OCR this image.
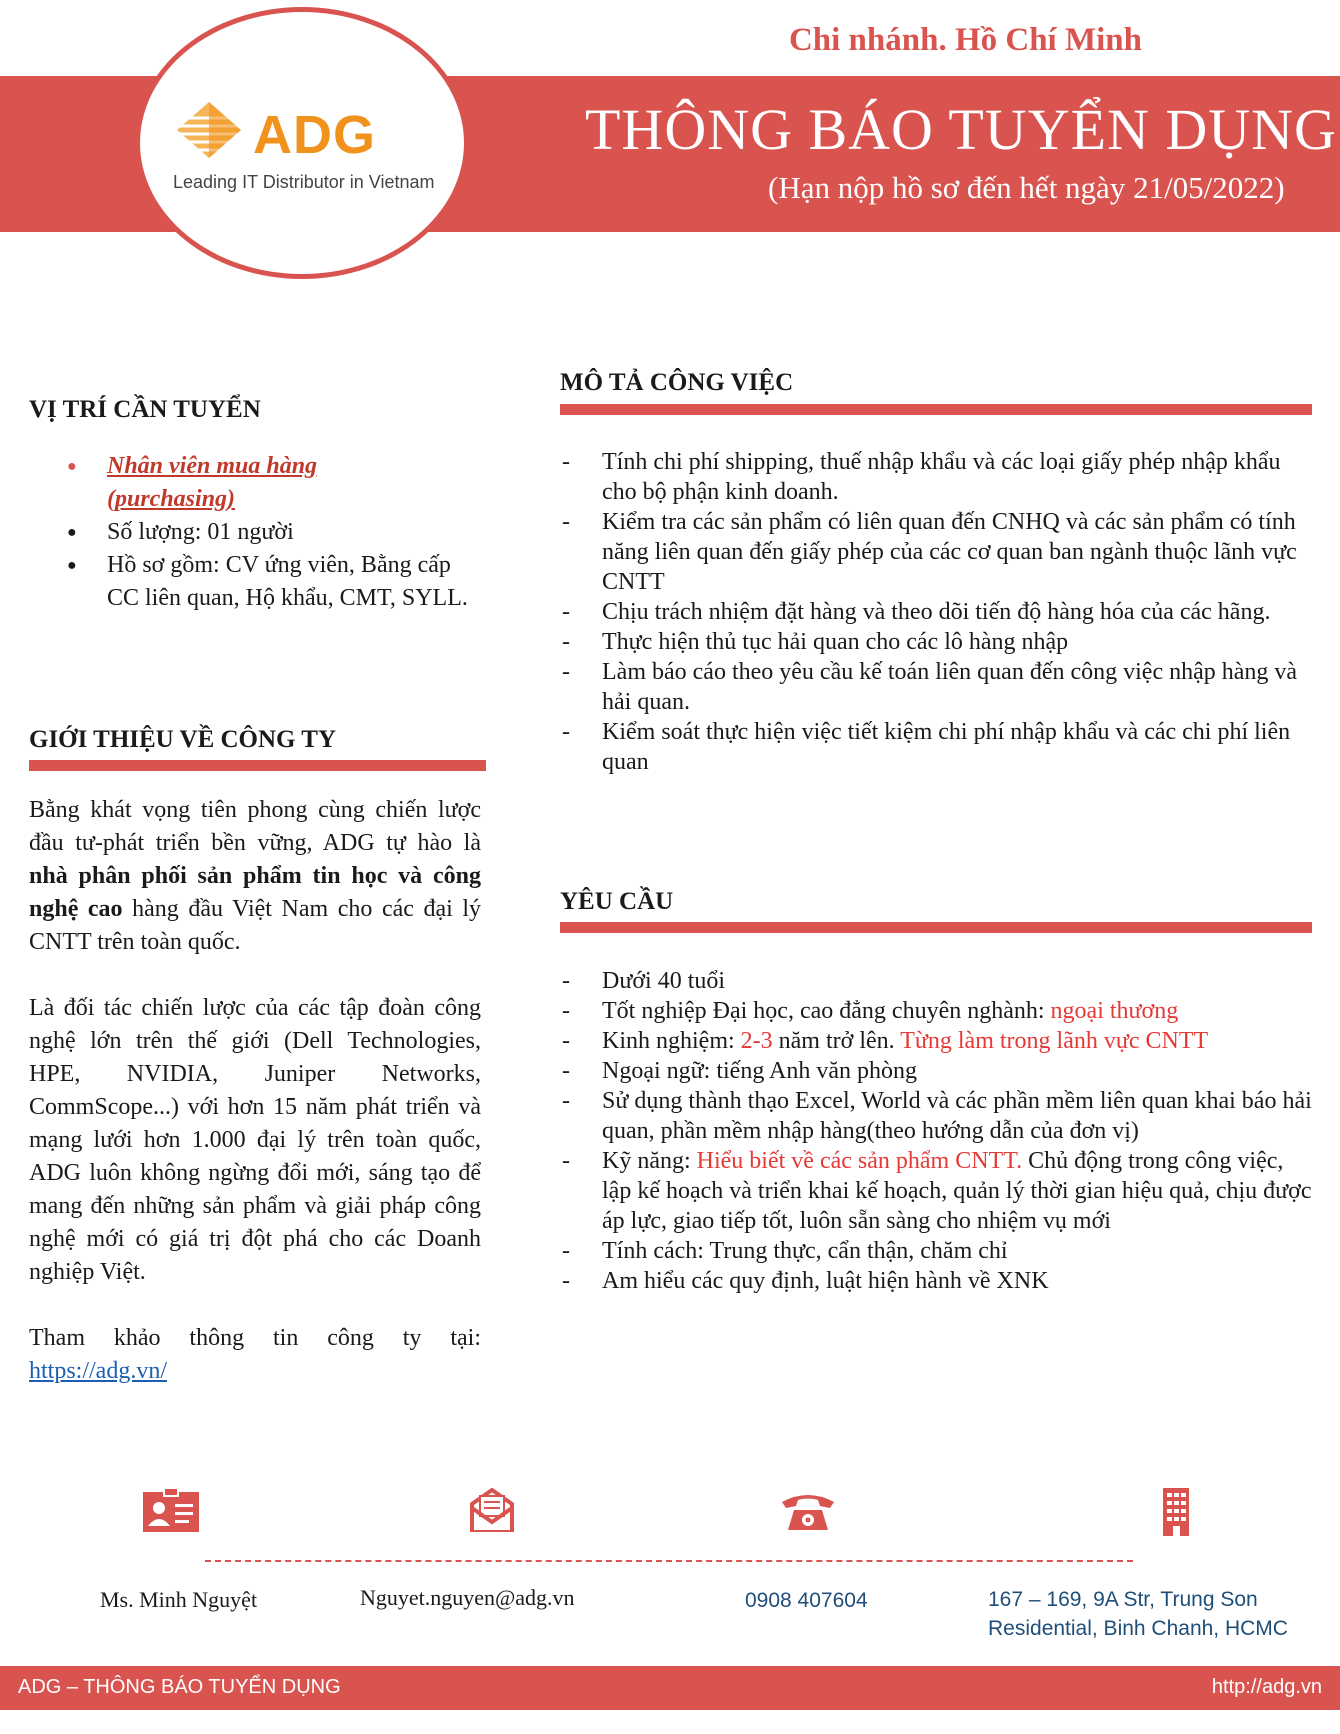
Chi nhánh. Hồ Chí Minh
THÔNG BÁO TUYỂN DỤNG
(Hạn nộp hồ sơ đến hết ngày 21/05/2022)
ADG
Leading IT Distributor in Vietnam
VỊ TRÍ CẦN TUYỂN
● Nhân viên mua hàng
(purchasing)
● Số lượng: 01 người
● Hồ sơ gồm: CV ứng viên, Bằng cấp CC liên quan, Hộ khẩu, CMT, SYLL.
GIỚI THIỆU VỀ CÔNG TY

Bằng khát vọng tiên phong cùng chiến lược đầu tư-phát triển bền vững, ADG tự hào là nhà phân phối sản phẩm tin học và công nghệ cao hàng đầu Việt Nam cho các đại lý CNTT trên toàn quốc.

Là đối tác chiến lược của các tập đoàn công nghệ lớn trên thế giới (Dell Technologies, HPE, NVIDIA, Juniper Networks, CommScope...) với hơn 15 năm phát triển và mạng lưới hơn 1.000 đại lý trên toàn quốc, ADG luôn không ngừng đổi mới, sáng tạo để mang đến những sản phẩm và giải pháp công nghệ mới có giá trị đột phá cho các Doanh nghiệp Việt.

Tham khảo thông tin công ty tại:

https://adg.vn/
MÔ TẢ CÔNG VIỆC
- Tính chi phí shipping, thuế nhập khẩu và các loại giấy phép nhập khẩu cho bộ phận kinh doanh.
- Kiểm tra các sản phẩm có liên quan đến CNHQ và các sản phẩm có tính năng liên quan đến giấy phép của các cơ quan ban ngành thuộc lãnh vực CNTT
- Chịu trách nhiệm đặt hàng và theo dõi tiến độ hàng hóa của các hãng.
- Thực hiện thủ tục hải quan cho các lô hàng nhập
- Làm báo cáo theo yêu cầu kế toán liên quan đến công việc nhập hàng và hải quan.
- Kiểm soát thực hiện việc tiết kiệm chi phí nhập khẩu và các chi phí liên quan
YÊU CẦU
- Dưới 40 tuổi
- Tốt nghiệp Đại học, cao đẳng chuyên nghành: ngoại thương
- Kinh nghiệm: 2-3 năm trở lên. Từng làm trong lãnh vực CNTT
- Ngoại ngữ: tiếng Anh văn phòng
- Sử dụng thành thạo Excel, World và các phần mềm liên quan khai báo hải quan, phần mềm nhập hàng(theo hướng dẫn của đơn vị)
- Kỹ năng: Hiểu biết về các sản phẩm CNTT. Chủ động trong công việc, lập kế hoạch và triển khai kế hoạch, quản lý thời gian hiệu quả, chịu được áp lực, giao tiếp tốt, luôn sẵn sàng cho nhiệm vụ mới
- Tính cách: Trung thực, cẩn thận, chăm chỉ
- Am hiểu các quy định, luật hiện hành về XNK
Ms. Minh Nguyệt	Nguyet.nguyen@adg.vn	0908 407604	167 – 169, 9A Str, Trung Son
Residential, Binh Chanh, HCMC
ADG – THÔNG BÁO TUYỂN DỤNG	http://adg.vn
